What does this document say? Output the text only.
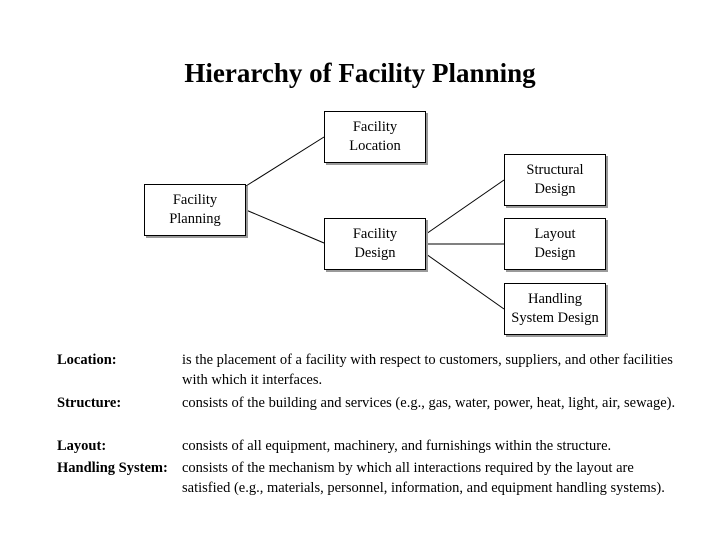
Hierarchy of Facility Planning
Facility
Planning
Facility
Location
Facility
Design
Structural
Design
Layout
Design
Handling
System Design
Location:	is the placement of a facility with respect to customers, suppliers, and other facilities with which it interfaces.
Structure:	consists of the building and services (e.g., gas, water, power, heat, light, air, sewage).
Layout:	consists of all equipment, machinery, and furnishings within the structure.
Handling System: consists of the mechanism by which all interactions required by the layout are satisfied (e.g., materials, personnel, information, and equipment handling systems).
